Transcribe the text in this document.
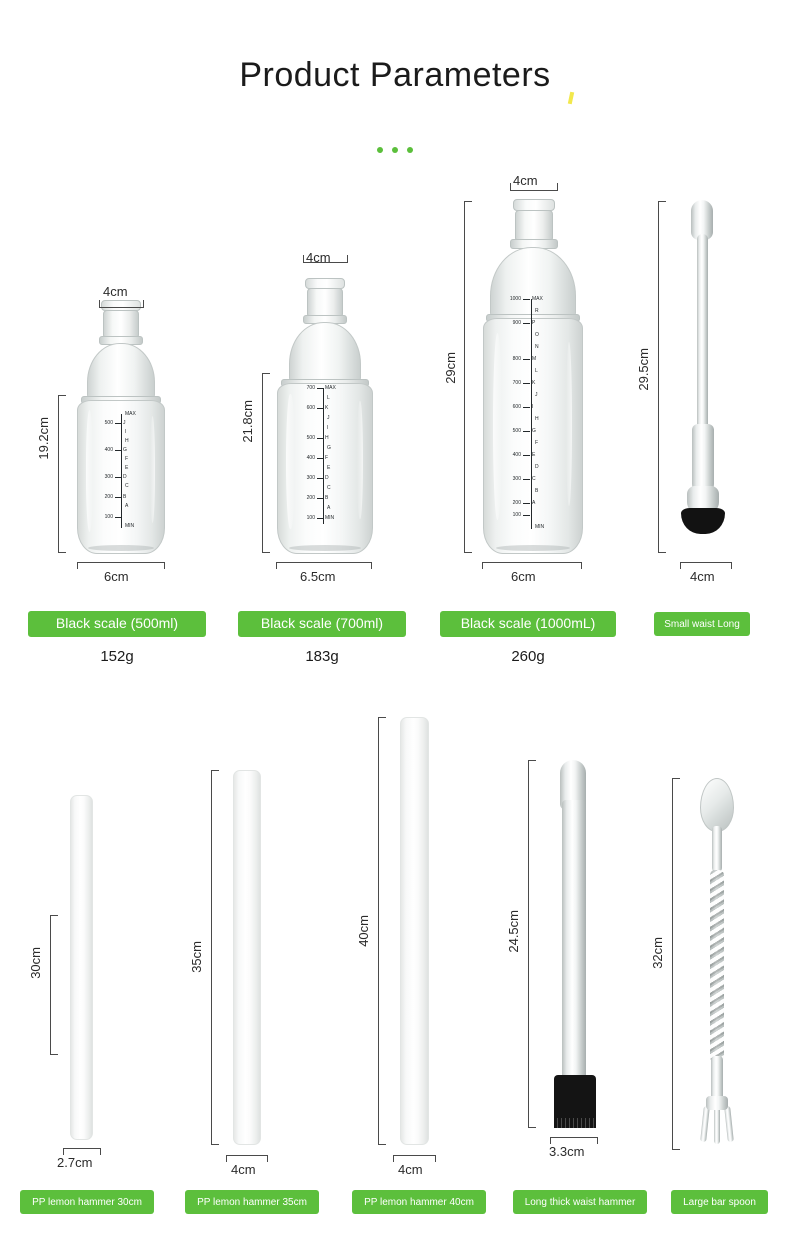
Product Parameters
MAX
500 J
I
H
400 G
F
E
300 D
C
200 B
A
100
MIN
4cm
19.2cm
6cm
Black scale (500ml)
152g
700 MAX
L
600 K
J
I
500 H
G
400 F
E
300 D
C
200 B
A
100 MIN
4cm
21.8cm
6.5cm
Black scale (700ml)
183g
1000 MAX
R
900 P
O
N
800 M
L
700 K
J
600 I
H
500 G
F
400 E
D
300 C
B
200 A
100
MIN
4cm
29cm
6cm
Black scale (1000mL)
260g
29.5cm
4cm
Small waist Long
30cm
2.7cm
PP lemon hammer 30cm
35cm
4cm
PP lemon hammer 35cm
40cm
4cm
PP lemon hammer 40cm
24.5cm
3.3cm
Long thick waist hammer
32cm
Large bar spoon
